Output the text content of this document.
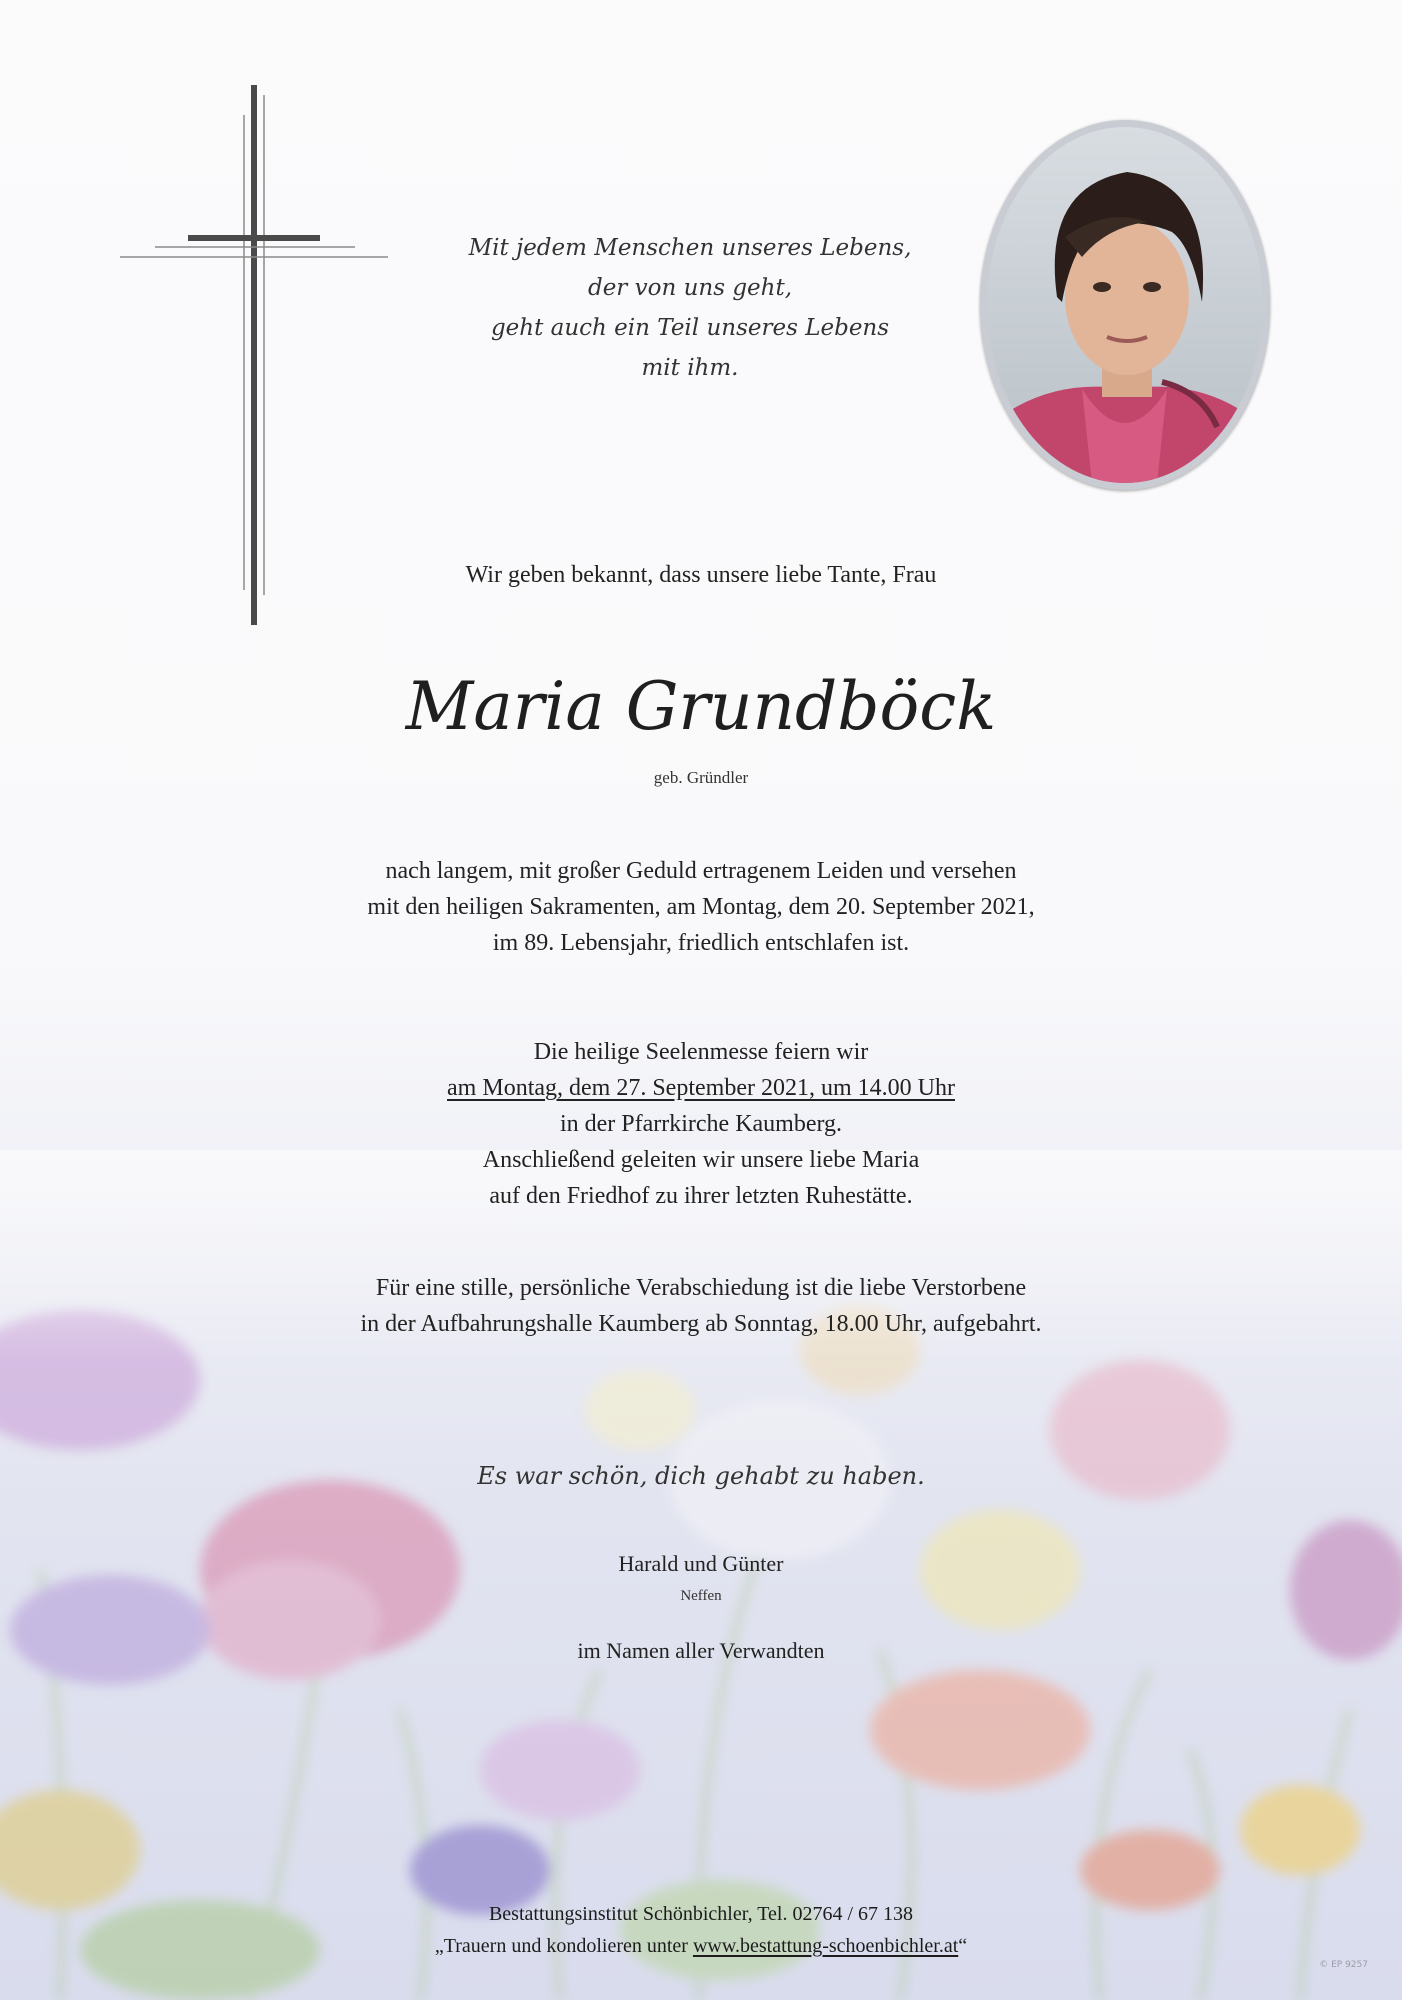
Mit jedem Menschen unseres Lebens,
der von uns geht,
geht auch ein Teil unseres Lebens
mit ihm.
Wir geben bekannt, dass unsere liebe Tante, Frau
Maria Grundböck
geb. Gründler
nach langem, mit großer Geduld ertragenem Leiden und versehen
mit den heiligen Sakramenten, am Montag, dem 20. September 2021,
im 89. Lebensjahr, friedlich entschlafen ist.
Die heilige Seelenmesse feiern wir
am Montag, dem 27. September 2021, um 14.00 Uhr
in der Pfarrkirche Kaumberg.
Anschließend geleiten wir unsere liebe Maria
auf den Friedhof zu ihrer letzten Ruhestätte.
Für eine stille, persönliche Verabschiedung ist die liebe Verstorbene
in der Aufbahrungshalle Kaumberg ab Sonntag, 18.00 Uhr, aufgebahrt.
Es war schön, dich gehabt zu haben.
Harald und Günter
Neffen
im Namen aller Verwandten
Bestattungsinstitut Schönbichler, Tel. 02764 / 67 138
„Trauern und kondolieren unter www.bestattung-schoenbichler.at“
© EP 9257
